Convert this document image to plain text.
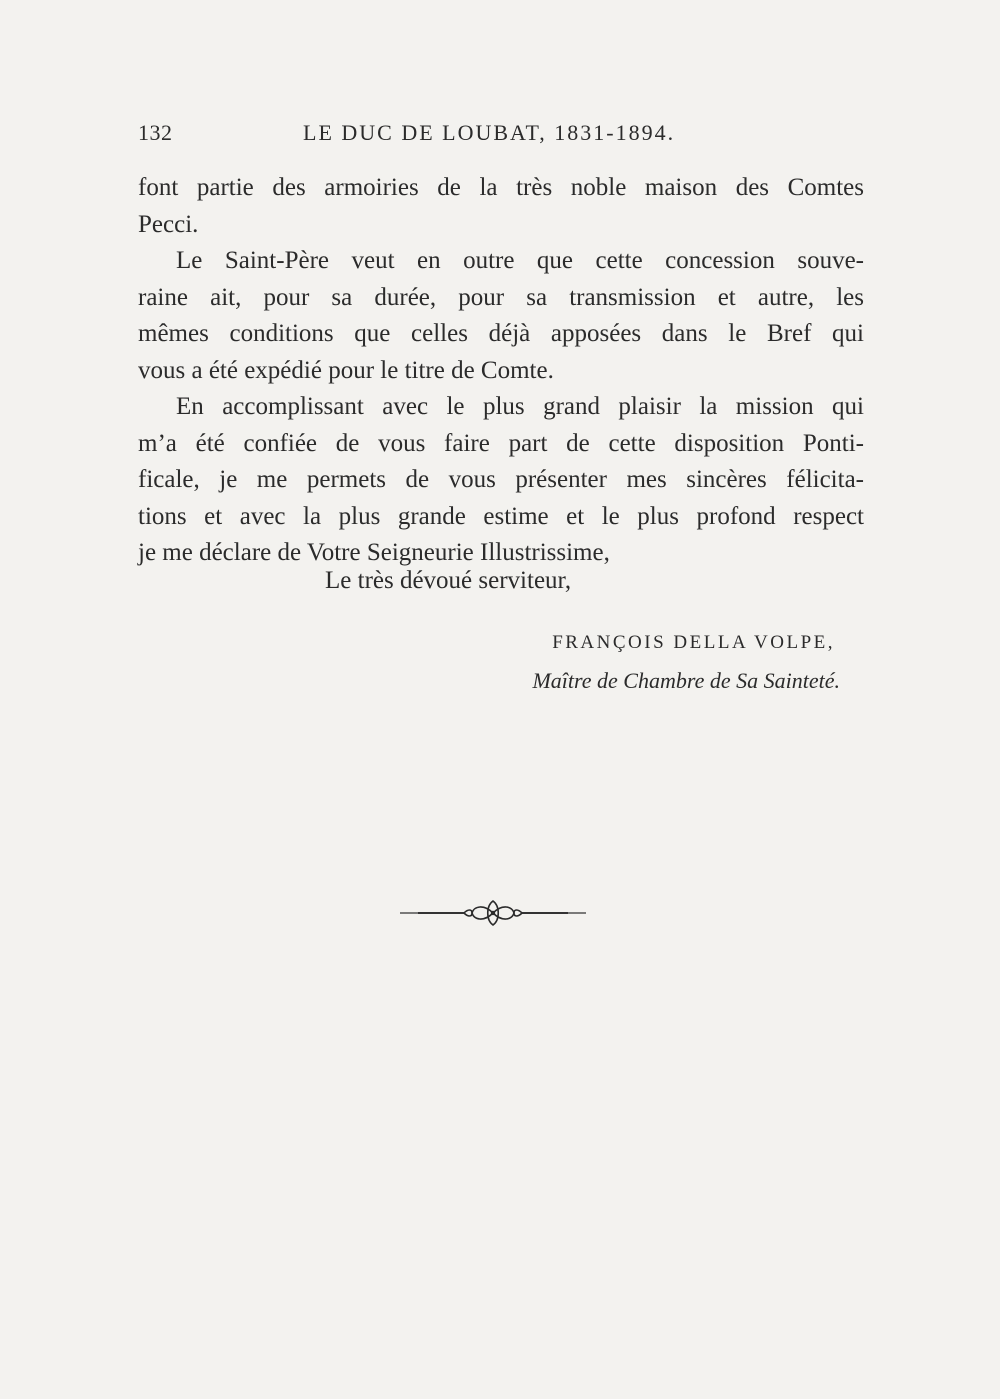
132	LE DUC DE LOUBAT, 1831-1894.
font partie des armoiries de la très noble maison des Comtes
Pecci.
Le Saint-Père veut en outre que cette concession souve-
raine ait, pour sa durée, pour sa transmission et autre, les
mêmes conditions que celles déjà apposées dans le Bref qui
vous a été expédié pour le titre de Comte.
En accomplissant avec le plus grand plaisir la mission qui
m’a été confiée de vous faire part de cette disposition Ponti-
ficale, je me permets de vous présenter mes sincères félicita-
tions et avec la plus grande estime et le plus profond respect
je me déclare de Votre Seigneurie Illustrissime,
Le très dévoué serviteur,
FRANÇOIS DELLA VOLPE,
Maître de Chambre de Sa Sainteté.
